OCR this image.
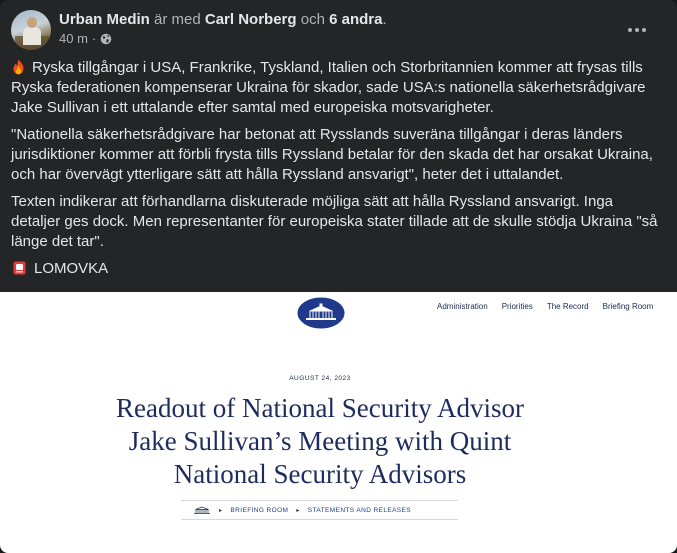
Urban Medin är med Carl Norberg och 6 andra.
40 m ·

Ryska tillgångar i USA, Frankrike, Tyskland, Italien och Storbritannien kommer att frysas tills Ryska federationen kompenserar Ukraina för skador, sade USA:s nationella säkerhetsrådgivare Jake Sullivan i ett uttalande efter samtal med europeiska motsvarigheter.

"Nationella säkerhetsrådgivare har betonat att Rysslands suveräna tillgångar i deras länders jurisdiktioner kommer att förbli frysta tills Ryssland betalar för den skada det har orsakat Ukraina, och har övervägt ytterligare sätt att hålla Ryssland ansvarigt", heter det i uttalandet.

Texten indikerar att förhandlarna diskuterade möjliga sätt att hålla Ryssland ansvarigt. Inga detaljer ges dock. Men representanter för europeiska stater tillade att de skulle stödja Ukraina "så länge det tar".

LOMOVKA

Administration Priorities The Record Briefing Room
AUGUST 24, 2023
Readout of National Security Advisor
Jake Sullivan’s Meeting with Quint
National Security Advisors
▸ BRIEFING ROOM ▸ STATEMENTS AND RELEASES
